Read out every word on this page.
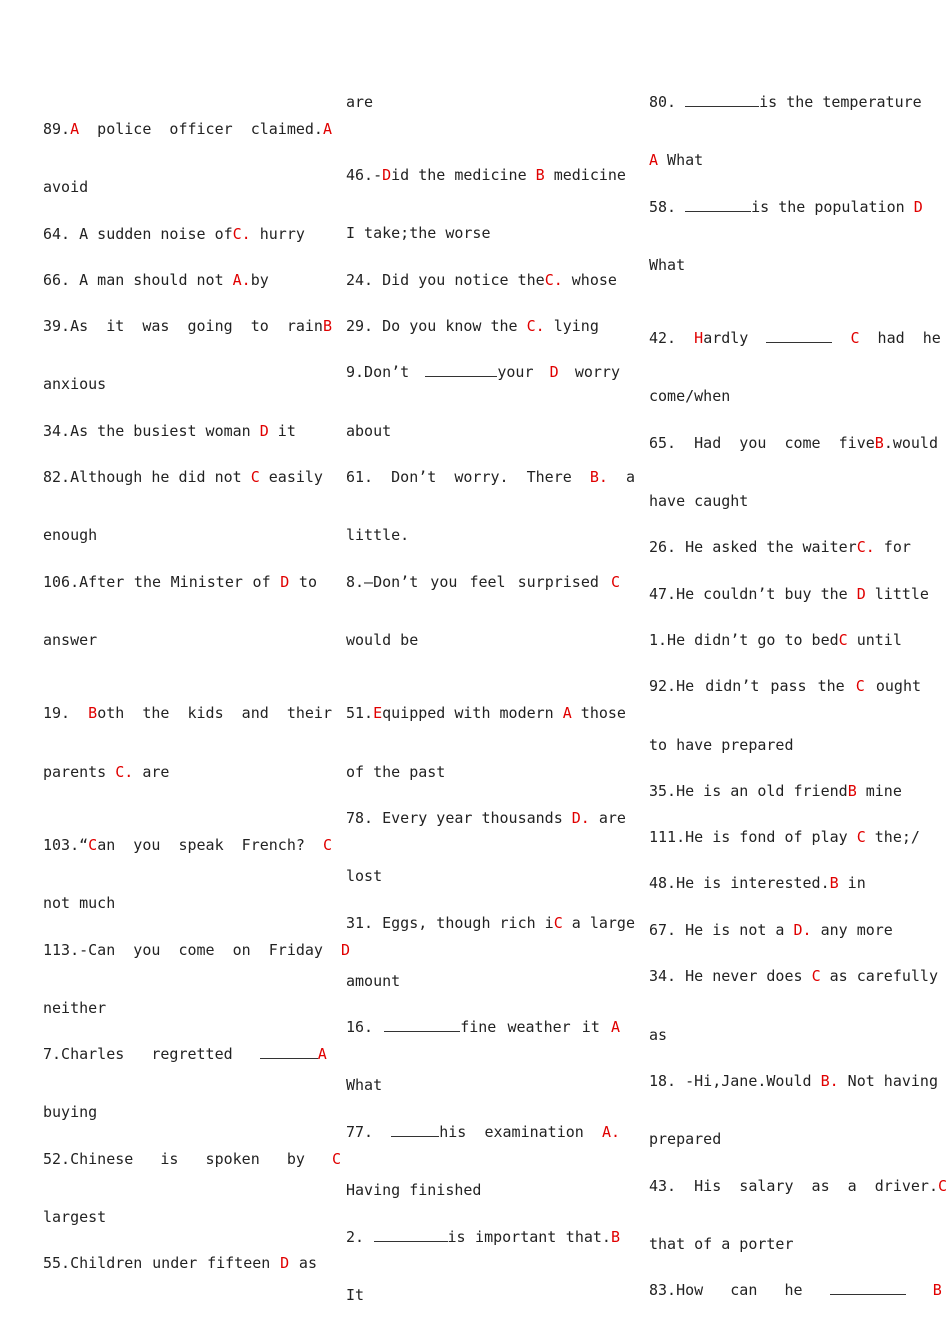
89.A  police  officer  claimed.A
avoid
64. A sudden noise ofC. hurry
66. A man should not A.by
39.As  it  was  going  to  rainB
anxious
34.As the busiest woman D it
82.Although he did not C easily
enough
106.After the Minister of D to
answer
19.  Both  the  kids  and  their
parents C. are
103.“Can  you  speak  French?  C
not much
113.-Can  you  come  on  Friday  D
neither
7.Charles   regretted	A
buying
52.Chinese   is   spoken   by   C
largest
55.Children under fifteen D as
are
46.-Did the medicine B medicine
I take;the worse
24. Did you notice theC. whose
29. Do you know the C. lying
9.Don’t	your D worry
about
61.  Don’t  worry.  There  B.  a
little.
8.—Don’t you feel surprised C
would be
51.Equipped with modern A those
of the past
78. Every year thousands D. are
lost
31. Eggs, though rich iC a large
amount
16.	fine weather it A
What
77.	his  examination  A.
Having finished
2.	is important that.B
It
80.	is the temperature
A What
58.	is the population D
What
42.  Hardly	C  had  he
come/when
65.  Had  you  come  fiveB.would
have caught
26. He asked the waiterC. for
47.He couldn’t buy the D little
1.He didn’t go to bedC until
92.He didn’t pass the C ought
to have prepared
35.He is an old friendB mine
111.He is fond of play C the;/
48.He is interested.B in
67. He is not a D. any more
34. He never does C as carefully
as
18. -Hi,Jane.Would B. Not having
prepared
43.  His  salary  as  a  driver.C
that of a porter
83.How   can   he	B
